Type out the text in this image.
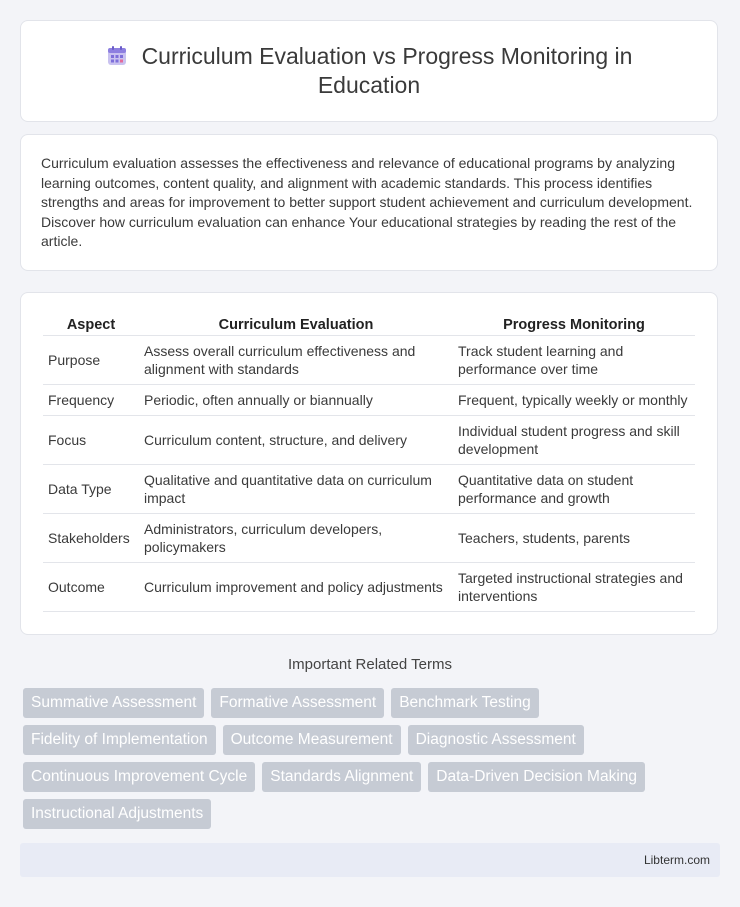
Curriculum Evaluation vs Progress Monitoring in Education
Curriculum evaluation assesses the effectiveness and relevance of educational programs by analyzing learning outcomes, content quality, and alignment with academic standards. This process identifies strengths and areas for improvement to better support student achievement and curriculum development. Discover how curriculum evaluation can enhance Your educational strategies by reading the rest of the article.
Aspect	Curriculum Evaluation	Progress Monitoring
Purpose	Assess overall curriculum effectiveness and alignment with standards	Track student learning and performance over time
Frequency	Periodic, often annually or biannually	Frequent, typically weekly or monthly
Focus	Curriculum content, structure, and delivery	Individual student progress and skill development
Data Type	Qualitative and quantitative data on curriculum impact	Quantitative data on student performance and growth
Stakeholders	Administrators, curriculum developers, policymakers	Teachers, students, parents
Outcome	Curriculum improvement and policy adjustments	Targeted instructional strategies and interventions
Important Related Terms
Summative Assessment	Formative Assessment	Benchmark Testing
Fidelity of Implementation	Outcome Measurement	Diagnostic Assessment
Continuous Improvement Cycle	Standards Alignment	Data-Driven Decision Making
Instructional Adjustments
Libterm.com
